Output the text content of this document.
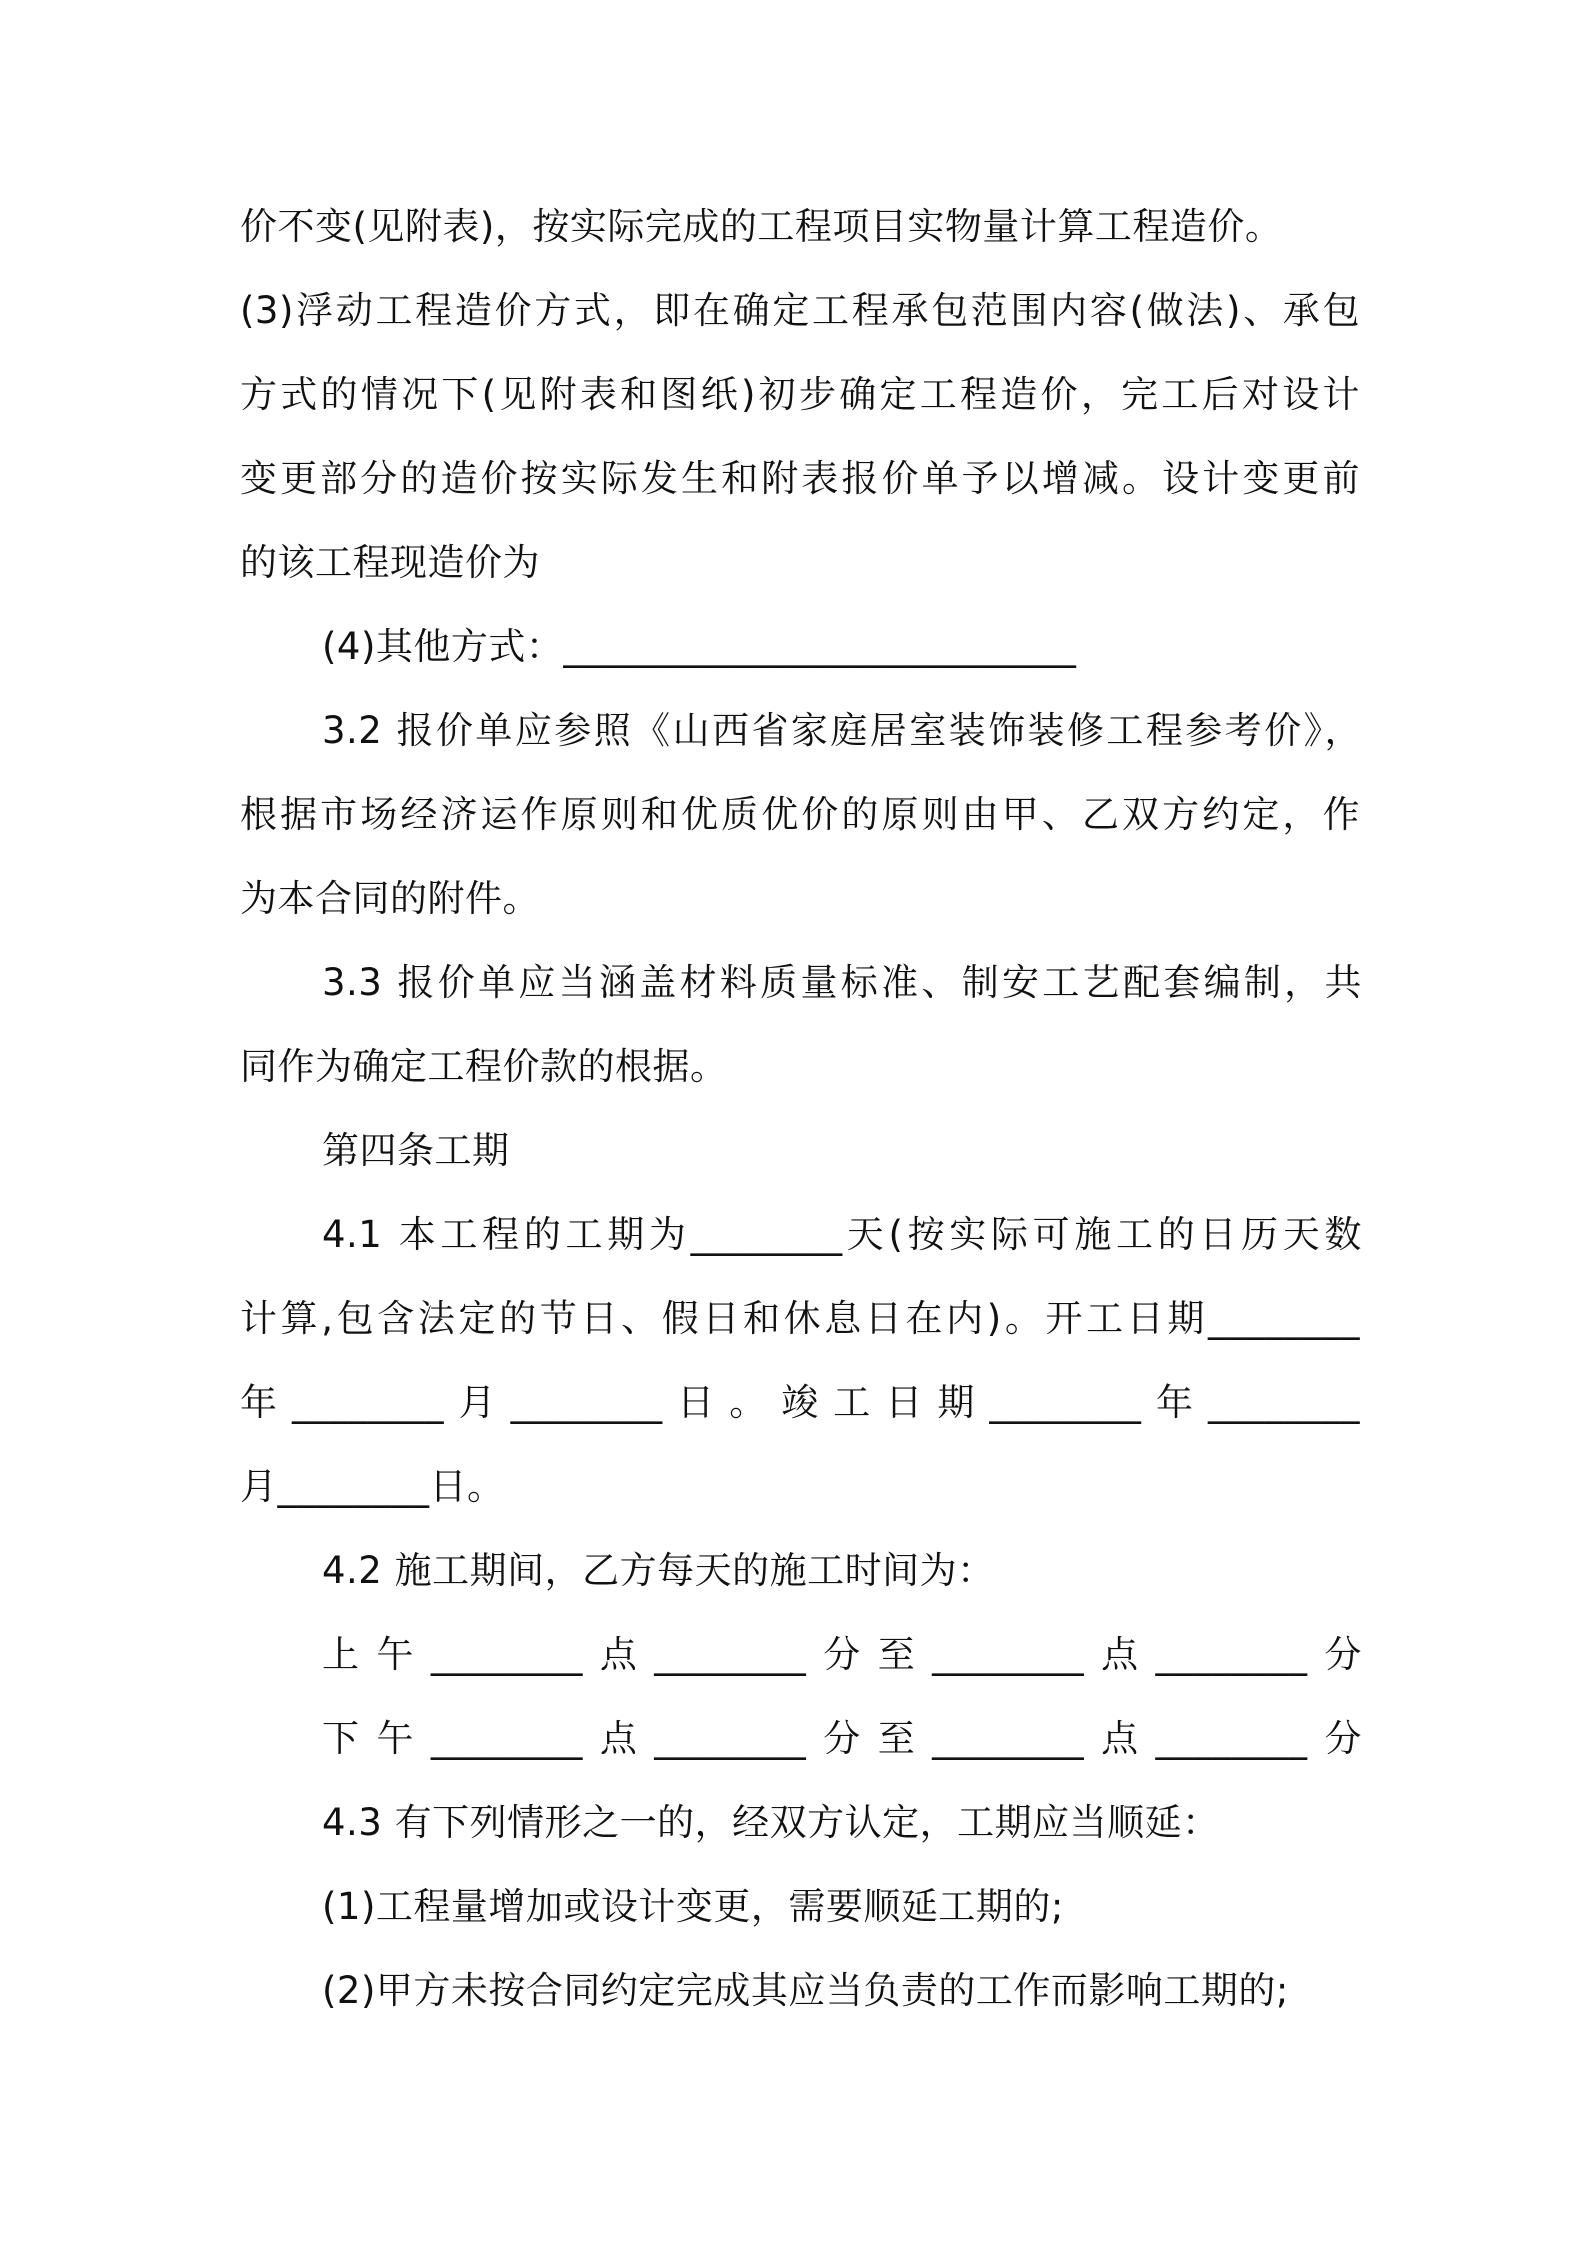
价不变(见附表)，按实际完成的工程项目实物量计算工程造价。
(3)浮动工程造价方式，即在确定工程承包范围内容(做法)、承包
方式的情况下(见附表和图纸)初步确定工程造价，完工后对设计
变更部分的造价按实际发生和附表报价单予以增减。设计变更前
的该工程现造价为
(4)其他方式：___________________________
3.2 报价单应参照《山西省家庭居室装饰装修工程参考价》，
根据市场经济运作原则和优质优价的原则由甲、乙双方约定，作
为本合同的附件。
3.3 报价单应当涵盖材料质量标准、制安工艺配套编制，共
同作为确定工程价款的根据。
第四条工期
4.1 本工程的工期为________天(按实际可施工的日历天数
计算,包含法定的节日、假日和休息日在内)。开工日期________
年________月________日。竣工日期________年________
月________日。
4.2 施工期间，乙方每天的施工时间为：
上午________点________分至________点________分
下午________点________分至________点________分
4.3 有下列情形之一的，经双方认定，工期应当顺延：
(1)工程量增加或设计变更，需要顺延工期的;
(2)甲方未按合同约定完成其应当负责的工作而影响工期的;
